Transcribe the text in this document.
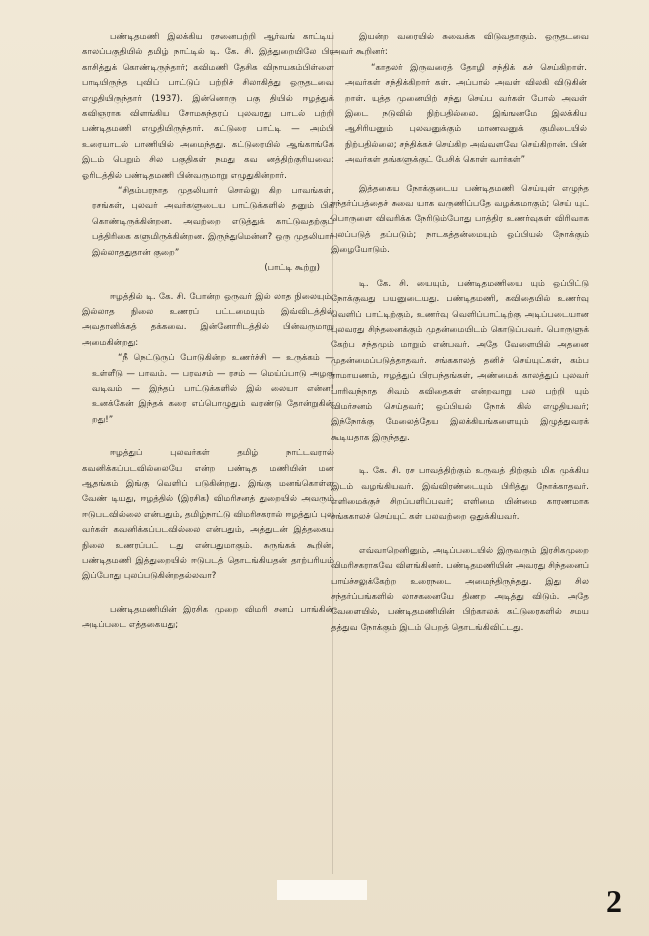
பண்டிதமணி இலக்கிய ரசனைபற்றி ஆர்வங் காட்டிய காலப்பகுதியில் தமிழ் நாட்டில் டி. கே. சி. இத்துறையிலே பிர காசித்துக் கொண்டிருந்தார்; கவிமணி தேசிக விநாயகம்பிள்ளை பாடியிருந்த புவிப் பாட்டுப் பற்றிச் சிலாகித்து ஒருதடவை எழுதியிருந்தார் (1937). இன்னொரு பகு தியில் ஈழத்துக் கவிஞராக விளங்கிய சோமசுந்தரப் புலவரது பாடல் பற்றி பண்டிதமணி எழுதியிருந்தார். கட்டுரை பாட்டி — அம்பி உரையாடல் பாணியில் அமைந்தது. கட்டுரையில் ஆங்காங்கே இடம் பெறும் சில பகுதிகள் நமது கவ னத்திற்குரியவை: ஓரிடத்தில் பண்டிதமணி பின்வருமாறு எழுதுகின்றார்.

“சிதம்பரநாத முதலியார் சொல்லு கிற பாவங்கள், ரசங்கள், புலவர் அவர்களுடைய பாட்டுக்களில் தனும் பிக் கொண்டிருக்கின்றன. அவற்றை எடுத்துக் காட்டுவதற்குப் பத்திரிகை களுமிருக்கின்றன. இருந்துமென்ன? ஒரு முதலியார் இல்லாததுதான் குறை”

(பாட்டி கூற்று)

ஈழத்தில் டி. கே. சி. போன்ற ஒருவர் இல் லாத நிலையும், இல்லாத நிலை உணரப் பட்டமையும் இவ்விடத்தில் அவதானிக்கத் தக்கவை. இன்னோரிடத்தில் பின்வருமாறு அமைகின்றது:

“நீ நெட்டுருப் போடுகின்ற உணர்ச்சி — உருக்கம் — உள்ளீடு — பாவம். — பரவசம் — ரசம் — மெய்ப்பாடு அழகு வடிவம் — இந்தப் பாட்டுக்களில் இல் லையா என்ன! உனக்கேன் இந்தக் கரை எப்பொழுதும் வரண்டு தோன்றுகின் றது!”

ஈழத்துப் புலவர்கள் தமிழ் நாட்டவரால் கவனிக்கப்படவில்லையே என்ற பண்டித மணியின் மன ஆதங்கம் இங்கு வெளிப் படுகின்றது. இங்கு மனங்கொள்ள வேண் டியது, ஈழத்தில் (இரசிக) விமரிசனத் துறையில் அவரும் ஈடுபடவில்லை என்பதும், தமிழ்நாட்டு விமரிசகரால் ஈழத்துப் புல வர்கள் கவனிக்கப்படவில்லை என்பதும், அத்துடன் இத்தகைய நிலை உணரப்பட் டது என்பதுமாகும். சுருங்கக் கூறின், பண்டிதமணி இத்துறையில் ஈடுபடத் தொடங்கியதன் தாற்பரியம் இப்போது புலப்படுகின்றதல்லவா?

பண்டிதமணியின் இரசிக முறை விமரி சனப் பாங்கின் அடிப்படை எத்தகையது;

இயன்ற வரையில் சுவைக்க விடுவதாகும். ஒருதடவை அவர் கூறினர்:

“காதலர் இருவரைத் தோழி சந்திக் கச் செய்கிறாள். அவர்கள் சந்திக்கிறார் கள். அப்பால் அவள் விலகி விடுகின் றாள். யுத்த முனையிற் சந்து செய்ப வர்கள் போல் அவள் இடை நடுவில் நிற்பதில்லை. இங்ஙனமே இலக்கிய ஆசிரியனும் புலவனுக்கும் மாணவனுக் குமிடையில் நிற்பதில்லை; சந்திக்கச் செய்கிற அவ்வளவே செய்கிறான். பின் அவர்கள் தங்களுக்குட் பேசிக் கொள் வார்கள்”

இத்தகைய நோக்குடைய பண்டிதமணி செய்யுள் எழுந்த சந்தர்ப்பத்தைச் சுவை யாக வருணிப்பதே வழக்கமாகும்; செய் யுட் பொருளை விவரிக்க நேரிடும்போது பாத்திர உணர்வுகள் விரிவாக புலப்படுத் தப்படும்; நாடகத்தன்மையும் ஒப்பியல் நோக்கும் இழையோடும்.

டி. கே. சி. யையும், பண்டிதமணியை யும் ஒப்பிட்டு நோக்குவது பயனுடையது. பண்டிதமணி, கவிதையில் உணர்வு வெளிப் பாட்டிற்கும், உணர்வு வெளிப்பாட்டிற்கு அடிப்படையான புலவரது சிந்தனைக்கும் முதன்மையிடம் கொடுப்பவர். பொருளுக் கேற்ப சந்தமும் மாறும் என்பவர். அதே வேளையில் அதனை முதன்மைப்படுத்தாதவர். சங்ககாலத் தனிச் செய்யுட்கள், கம்ப ராமாயணம், ஈழத்துப் பிரபந்தங்கள், அண்மைக் காலத்துப் புலவர் பாரிவந்நாத சிவம் கவிதைகள் என்றவாறு பல பற்றி யும் விமர்சனம் செய்தவர்; ஒப்பியல் நோக் கில் எழுதியவர்; இந்நோக்கு மேலைத்தேய இலக்கியங்களையும் இழுத்துவரக் கூடியதாக இருந்தது.

டி. கே. சி. ரச பாவத்திற்கும் உருவத் திற்கும் மிக முக்கிய இடம் வழங்கியவர். இவ்விரண்டையும் பிரித்து நோக்காதவர். எளிமைக்குச் சிறப்பளிப்பவர்; எளிமை யின்மை காரணமாக சங்ககாலச் செய்யுட் கள் பலவற்றை ஒதுக்கியவர்.

எவ்வாறெனினும், அடிப்படையில் இருவரும் இரசிகமுறை விமரிசகராகவே விளங்கினர். பண்டிதமணியின் அவரது சிந்தனைப் பாய்ச்சலுக்கேற்ற உரைநடை அமைந்திருந்தது. இது சில சந்தர்ப்பங்களில் லாசகனையே திணற அடித்து விடும். அதே வேளையில், பண்டிதமணியின் பிற்காலக் கட்டுரைகளில் சமய தத்துவ நோக்கும் இடம் பெறத் தொடங்கிவிட்டது.

2
